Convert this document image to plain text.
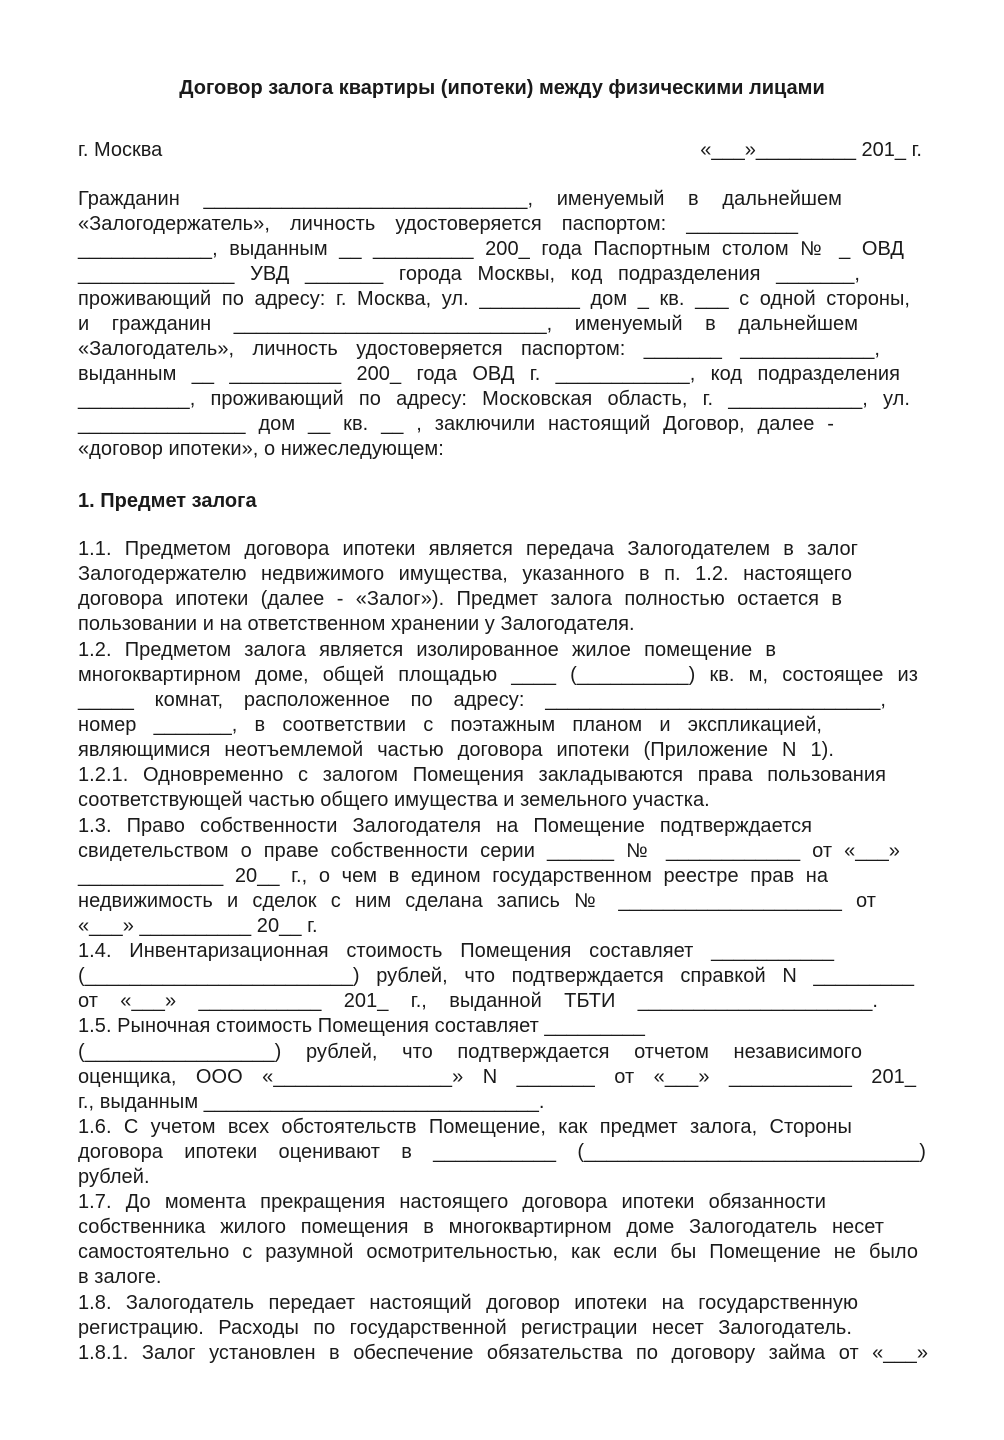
Договор залога квартиры (ипотеки) между физическими лицами
г. Москва	«___»_________ 201_ г.
Гражданин _____________________________, именуемый в дальнейшем
«Залогодержатель», личность удостоверяется паспортом: __________
____________, выданным __ _________ 200_ года Паспортным столом № _ ОВД
______________ УВД _______ города Москвы, код подразделения _______,
проживающий по адресу: г. Москва, ул. _________ дом _ кв. ___ с одной стороны,
и гражданин ____________________________, именуемый в дальнейшем
«Залогодатель», личность удостоверяется паспортом: _______ ____________,
выданным __ __________ 200_ года ОВД г. ____________, код подразделения
__________, проживающий по адресу: Московская область, г. ____________, ул.
_______________ дом __ кв. __ , заключили настоящий Договор, далее -
«договор ипотеки», о нижеследующем:
1. Предмет залога
1.1. Предметом договора ипотеки является передача Залогодателем в залог
Залогодержателю недвижимого имущества, указанного в п. 1.2. настоящего
договора ипотеки (далее - «Залог»). Предмет залога полностью остается в
пользовании и на ответственном хранении у Залогодателя.
1.2. Предметом залога является изолированное жилое помещение в
многоквартирном доме, общей площадью ____ (__________) кв. м, состоящее из
_____ комнат, расположенное по адресу: ______________________________,
номер _______, в соответствии с поэтажным планом и экспликацией,
являющимися неотъемлемой частью договора ипотеки (Приложение N 1).
1.2.1. Одновременно с залогом Помещения закладываются права пользования
соответствующей частью общего имущества и земельного участка.
1.3. Право собственности Залогодателя на Помещение подтверждается
свидетельством о праве собственности серии ______ № ____________ от «___»
_____________ 20__ г., о чем в едином государственном реестре прав на
недвижимость и сделок с ним сделана запись № ____________________ от
«___» __________ 20__ г.
1.4. Инвентаризационная стоимость Помещения составляет ___________
(________________________) рублей, что подтверждается справкой N _________
от «___» ___________ 201_ г., выданной ТБТИ _____________________.
1.5. Рыночная стоимость Помещения составляет _________
(_________________) рублей, что подтверждается отчетом независимого
оценщика, ООО «________________» N _______ от «___» ___________ 201_
г., выданным ______________________________.
1.6. С учетом всех обстоятельств Помещение, как предмет залога, Стороны
договора ипотеки оценивают в ___________ (______________________________)
рублей.
1.7. До момента прекращения настоящего договора ипотеки обязанности
собственника жилого помещения в многоквартирном доме Залогодатель несет
самостоятельно с разумной осмотрительностью, как если бы Помещение не было
в залоге.
1.8. Залогодатель передает настоящий договор ипотеки на государственную
регистрацию. Расходы по государственной регистрации несет Залогодатель.
1.8.1. Залог установлен в обеспечение обязательства по договору займа от «___»
